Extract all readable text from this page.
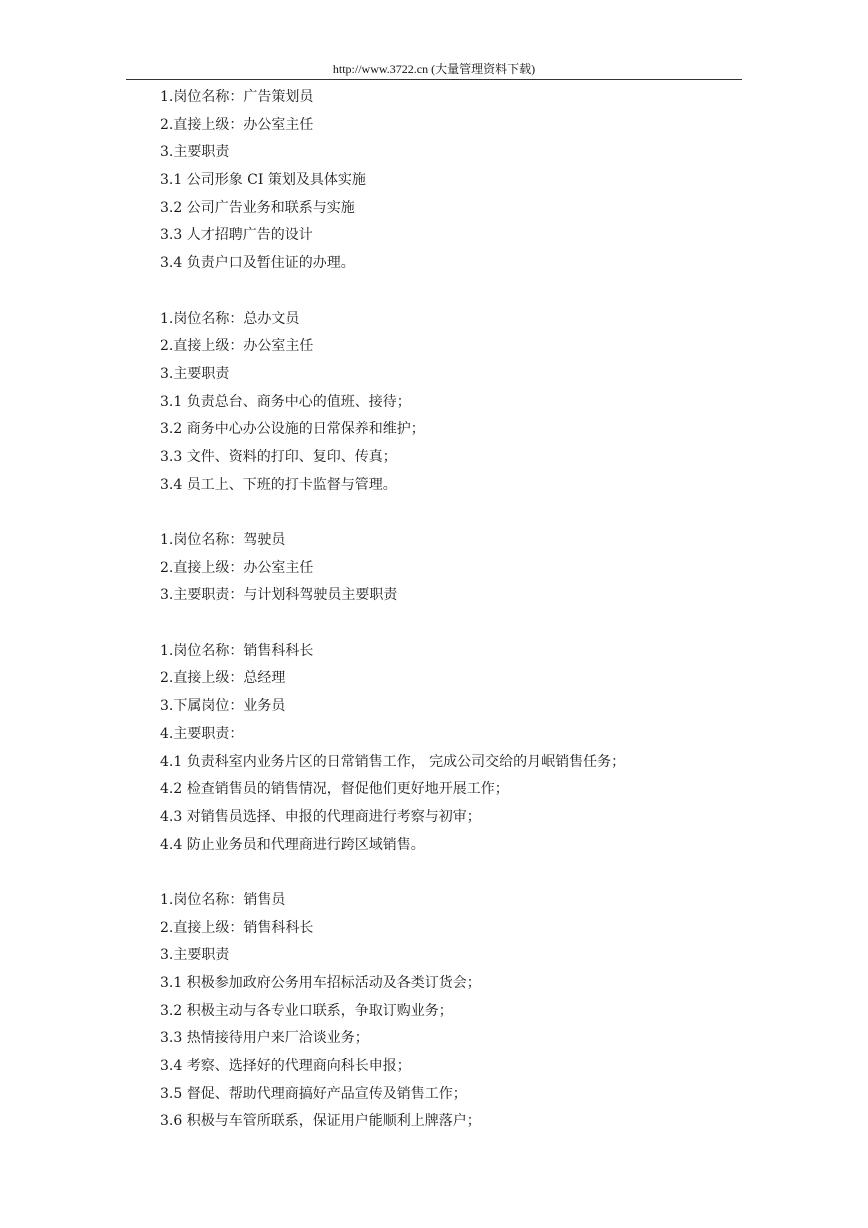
http://www.3722.cn (大量管理资料下载)
1.岗位名称：广告策划员
2.直接上级：办公室主任
3.主要职责
3.1 公司形象 CI 策划及具体实施
3.2 公司广告业务和联系与实施
3.3 人才招聘广告的设计
3.4 负责户口及暂住证的办理。
1.岗位名称：总办文员
2.直接上级：办公室主任
3.主要职责
3.1 负责总台、商务中心的值班、接待；
3.2 商务中心办公设施的日常保养和维护；
3.3 文件、资料的打印、复印、传真；
3.4 员工上、下班的打卡监督与管理。
1.岗位名称：驾驶员
2.直接上级：办公室主任
3.主要职责：与计划科驾驶员主要职责
1.岗位名称：销售科科长
2.直接上级：总经理
3.下属岗位：业务员
4.主要职责：
4.1 负责科室内业务片区的日常销售工作， 完成公司交给的月岷销售任务；
4.2 检查销售员的销售情况，督促他们更好地开展工作；
4.3 对销售员选择、申报的代理商进行考察与初审；
4.4 防止业务员和代理商进行跨区域销售。
1.岗位名称：销售员
2.直接上级：销售科科长
3.主要职责
3.1 积极参加政府公务用车招标活动及各类订货会；
3.2 积极主动与各专业口联系，争取订购业务；
3.3 热情接待用户来厂洽谈业务；
3.4 考察、选择好的代理商向科长申报；
3.5 督促、帮助代理商搞好产品宣传及销售工作；
3.6 积极与车管所联系，保证用户能顺利上牌落户；
